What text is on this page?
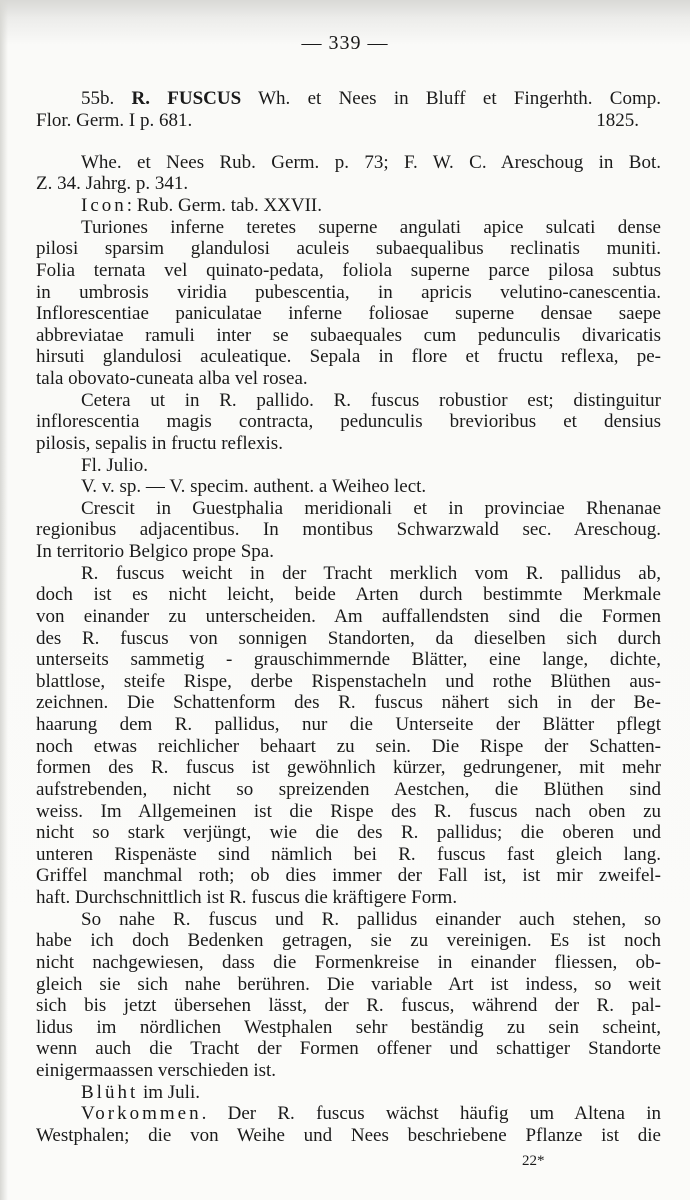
— 339 —
55b. R. FUSCUS Wh. et Nees in Bluff et Fingerhth. Comp.
1825.
Flor. Germ. I p. 681.
Whe. et Nees Rub. Germ. p. 73; F. W. C. Areschoug in Bot.
Z. 34. Jahrg. p. 341.
Icon: Rub. Germ. tab. XXVII.
Turiones inferne teretes superne angulati apice sulcati dense
pilosi sparsim glandulosi aculeis subaequalibus reclinatis muniti.
Folia ternata vel quinato-pedata, foliola superne parce pilosa subtus
in umbrosis viridia pubescentia, in apricis velutino-canescentia.
Inflorescentiae paniculatae inferne foliosae superne densae saepe
abbreviatae ramuli inter se subaequales cum pedunculis divaricatis
hirsuti glandulosi aculeatique. Sepala in flore et fructu reflexa, pe-
tala obovato-cuneata alba vel rosea.
Cetera ut in R. pallido. R. fuscus robustior est; distinguitur
inflorescentia magis contracta, pedunculis brevioribus et densius
pilosis, sepalis in fructu reflexis.
Fl. Julio.
V. v. sp. — V. specim. authent. a Weiheo lect.
Crescit in Guestphalia meridionali et in provinciae Rhenanae
regionibus adjacentibus. In montibus Schwarzwald sec. Areschoug.
In territorio Belgico prope Spa.
R. fuscus weicht in der Tracht merklich vom R. pallidus ab,
doch ist es nicht leicht, beide Arten durch bestimmte Merkmale
von einander zu unterscheiden. Am auffallendsten sind die Formen
des R. fuscus von sonnigen Standorten, da dieselben sich durch
unterseits sammetig - grauschimmernde Blätter, eine lange, dichte,
blattlose, steife Rispe, derbe Rispenstacheln und rothe Blüthen aus-
zeichnen. Die Schattenform des R. fuscus nähert sich in der Be-
haarung dem R. pallidus, nur die Unterseite der Blätter pflegt
noch etwas reichlicher behaart zu sein. Die Rispe der Schatten-
formen des R. fuscus ist gewöhnlich kürzer, gedrungener, mit mehr
aufstrebenden, nicht so spreizenden Aestchen, die Blüthen sind
weiss. Im Allgemeinen ist die Rispe des R. fuscus nach oben zu
nicht so stark verjüngt, wie die des R. pallidus; die oberen und
unteren Rispenäste sind nämlich bei R. fuscus fast gleich lang.
Griffel manchmal roth; ob dies immer der Fall ist, ist mir zweifel-
haft. Durchschnittlich ist R. fuscus die kräftigere Form.
So nahe R. fuscus und R. pallidus einander auch stehen, so
habe ich doch Bedenken getragen, sie zu vereinigen. Es ist noch
nicht nachgewiesen, dass die Formenkreise in einander fliessen, ob-
gleich sie sich nahe berühren. Die variable Art ist indess, so weit
sich bis jetzt übersehen lässt, der R. fuscus, während der R. pal-
lidus im nördlichen Westphalen sehr beständig zu sein scheint,
wenn auch die Tracht der Formen offener und schattiger Standorte
einigermaassen verschieden ist.
Blüht im Juli.
Vorkommen. Der R. fuscus wächst häufig um Altena in
Westphalen; die von Weihe und Nees beschriebene Pflanze ist die
22*
